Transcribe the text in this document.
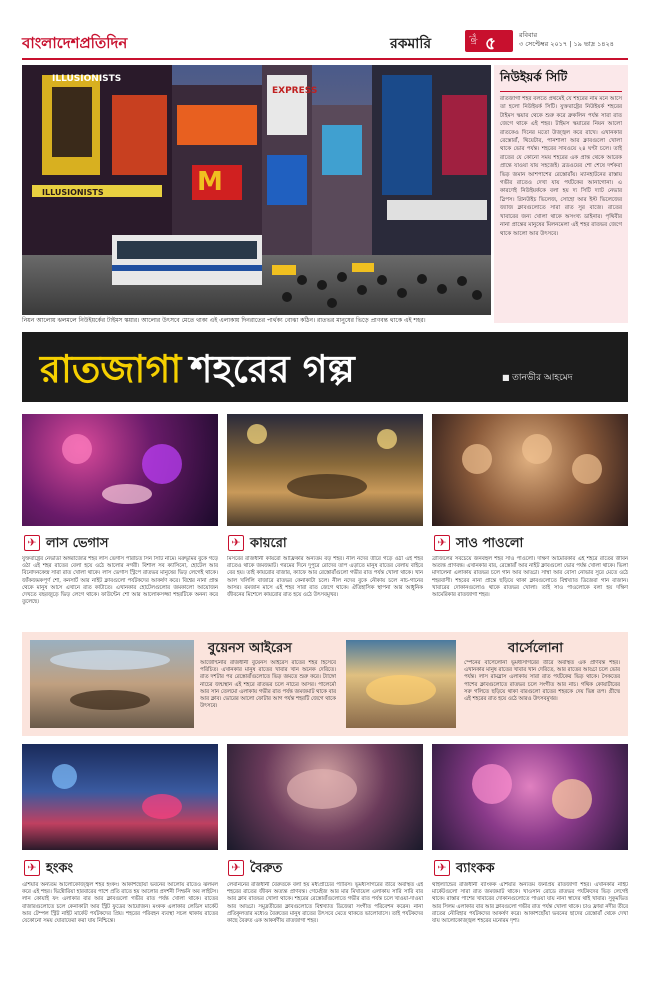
বাংলাদেশপ্রতিদিন	রকমারি	পৃষ্ঠা ৫	রবিবার
৩ সেপ্টেম্বর ২০১৭ | ১৯ ভাদ্র ১৪২৪
M
ILLUSIONISTS
EXPRESS
ILLUSIONISTS
নিয়ন আলোয় ঝলমলে নিউইয়র্কের টাইমস স্কয়ার। আলোর উৎসবে মেতে থাকা এই এলাকায় দিনরাতের পার্থক্য বোঝা কঠিন। রাতভর মানুষের ভিড়ে প্রাণবন্ত থাকে এই শহর।
নিউইয়র্ক সিটি
রাতজাগা শহর বলতে প্রথমেই যে শহরের নাম মনে আসে তা হলো নিউইয়র্ক সিটি। যুক্তরাষ্ট্রের নিউইয়র্ক শহরের টাইমস স্কয়ার থেকে শুরু করে ব্রুকলিন পর্যন্ত সারা রাত জেগে থাকে এই শহর। টাইমস স্কয়ারের নিয়ন আলো রাতকেও দিনের মতো উজ্জ্বল করে রাখে। এখানকার রেস্তোরাঁ, থিয়েটার, পানশালা আর ক্লাবগুলো খোলা থাকে ভোর পর্যন্ত। শহরের সাবওয়ে ২৪ ঘণ্টা চলে। তাই রাতের যে কোনো সময় শহরের এক প্রান্ত থেকে আরেক প্রান্তে যাওয়া যায় সহজেই। ব্রডওয়ের শো শেষে দর্শকরা ভিড় জমান আশপাশের রেস্তোরাঁয়। ম্যানহাটনের রাস্তায় গভীর রাতেও দেখা যায় পর্যটকের আনাগোনা। এ কারণেই নিউইয়র্ককে বলা হয় দ্য সিটি দ্যাট নেভার স্লিপস। গ্রিনউইচ ভিলেজ, সোহো আর ইস্ট ভিলেজের জ্যাজ ক্লাবগুলোতে সারা রাত সুর বাজে। রাতের খাবারের জন্য খোলা থাকে অসংখ্য ডাইনার। পৃথিবীর নানা প্রান্তের মানুষের মিলনমেলা এই শহর রাতভর জেগে থাকে আলো আর উৎসবে।
রাতজাগা শহরের গল্প
■	তানভীর আহমেদ
✈ লাস ভেগাস	✈ কায়রো	✈ সাও পাওলো
যুক্তরাষ্ট্রের নেভাডা অঙ্গরাজ্যের শহর লাস ভেগাস পরিচিত সিন সিটি নামে। মরুভূমির বুকে গড়ে ওঠা এই শহর রাতের বেলা হয়ে ওঠে আলোর নগরী। বিশাল সব ক্যাসিনো, হোটেল আর বিনোদনকেন্দ্র সারা রাত খোলা থাকে। লাস ভেগাস স্ট্রিপে রাতভর মানুষের ভিড় লেগেই থাকে। জাঁকজমকপূর্ণ শো, কনসার্ট আর নাইট ক্লাবগুলো পর্যটকদের আকর্ষণ করে। বিশ্বের নানা প্রান্ত থেকে মানুষ আসে এখানে রাত কাটাতে। এখানকার হোটেলগুলোর জমকালো আয়োজন দেখতে বছরজুড়ে ভিড় লেগে থাকে। ফাউন্টেন শো আর আলোকসজ্জা শহরটিকে অনন্য করে তুলেছে।
মিসরের রাজধানী কায়রো আফ্রিকার অন্যতম বড় শহর। নীল নদের তীরে গড়ে ওঠা এই শহর রাতেও থাকে জমজমাট। গরমের দিনে দুপুরে রোদের তাপ এড়াতে মানুষ রাতের বেলায় বাইরে বের হয়। তাই কায়রোর বাজার, ক্যাফে আর রেস্তোরাঁগুলো গভীর রাত পর্যন্ত খোলা থাকে। খান আল খলিলি বাজারে রাতভর কেনাকাটা চলে। নীল নদের বুকে নৌকায় চলে নাচ-গানের আসর। রমজান মাসে এই শহর সারা রাত জেগে থাকে। ঐতিহাসিক স্থাপনা আর আধুনিক জীবনের মিশেলে কায়রোর রাত হয়ে ওঠে উৎসবমুখর।
ব্রাজিলের সবচেয়ে জনবহুল শহর সাও পাওলো। দক্ষিণ আমেরিকার এই শহরে রাতের জীবন অত্যন্ত প্রাণবন্ত। এখানকার বার, রেস্তোরাঁ আর নাইট ক্লাবগুলো ভোর পর্যন্ত খোলা থাকে। ভিলা মাদালেনা এলাকায় রাতভর চলে গান আর আড্ডা। সাম্বা আর বোসা নোভার সুরে মেতে ওঠে শহরবাসী। শহরের নানা প্রান্তে ছড়িয়ে থাকা ক্লাবগুলোতে বিশ্বখ্যাত ডিজেরা গান বাজান। খাবারের দোকানগুলোও থাকে রাতভর খোলা। তাই সাও পাওলোকে বলা হয় দক্ষিণ আমেরিকার রাতজাগা শহর।
বুয়েনস আইরেস
আর্জেন্টিনার রাজধানী বুয়েনস আইরেস রাতের শহর হিসেবে পরিচিত। এখানকার মানুষ রাতের খাবার খান অনেক দেরিতে। রাত দশটার পর রেস্তোরাঁগুলোতে ভিড় জমতে শুরু করে। ট্যাঙ্গো নাচের জন্মস্থান এই শহরে রাতভর চলে নাচের আসর। পালের্মো আর সান তেলমো এলাকায় গভীর রাত পর্যন্ত জমজমাট থাকে বার আর ক্লাব। ভোরের আলো ফোটার আগ পর্যন্ত শহরটি জেগে থাকে উৎসবে।
বার্সেলোনা
স্পেনের বার্সেলোনা ভূমধ্যসাগরের তীরে অবস্থিত এক প্রাণবন্ত শহর। এখানকার মানুষ রাতের খাবার খান দেরিতে, আর রাতের আড্ডা চলে ভোর পর্যন্ত। লাস রামব্লাস এলাকায় সারা রাত পর্যটকের ভিড় থাকে। সৈকতের পাশের ক্লাবগুলোতে রাতভর চলে সংগীত আর নাচ। গথিক কোয়ার্টারের সরু গলিতে ছড়িয়ে থাকা বারগুলো রাতের শহরকে দেয় ভিন্ন রূপ। গ্রীষ্মে এই শহরের রাত হয়ে ওঠে আরও উৎসবমুখর।
✈ হংকং	✈ বৈরুত	✈ ব্যাংকক
এশিয়ার অন্যতম আলোকোজ্জ্বল শহর হংকং। আকাশছোঁয়া ভবনের আলোয় রাতেও ঝলমল করে এই শহর। ভিক্টোরিয়া হারবারের পাশে প্রতি রাতে হয় আলোর প্রদর্শনী সিম্ফনি অব লাইটস। লান কোয়াই ফং এলাকার বার আর ক্লাবগুলো গভীর রাত পর্যন্ত খোলা থাকে। রাতের বাজারগুলোতে চলে কেনাকাটা আর স্ট্রিট ফুডের আয়োজন। মংকক এলাকার লেডিস মার্কেট আর টেম্পল স্ট্রিট নাইট মার্কেট পর্যটকদের প্রিয়। শহরের পরিবহন ব্যবস্থা সচল থাকায় রাতের যেকোনো সময় ঘোরাফেরা করা যায় নিশ্চিন্তে।
লেবাননের রাজধানী বৈরুতকে বলা হয় মধ্যপ্রাচ্যের প্যারিস। ভূমধ্যসাগরের তীরে অবস্থিত এই শহরের রাতের জীবন অত্যন্ত প্রাণবন্ত। গেমেইজ আর মার মিখায়েল এলাকায় সারি সারি বার আর ক্লাব রাতভর খোলা থাকে। শহরের রেস্তোরাঁগুলোতে গভীর রাত পর্যন্ত চলে খাওয়া-দাওয়া আর আড্ডা। সমুদ্রতীরের ক্লাবগুলোতে বিশ্বখ্যাত ডিজেরা সংগীত পরিবেশন করেন। নানা প্রতিকূলতার মধ্যেও বৈরুতের মানুষ রাতের উৎসবে মেতে থাকতে ভালোবাসে। তাই পর্যটকদের কাছে বৈরুত এক আকর্ষণীয় রাতজাগা শহর।
থাইল্যান্ডের রাজধানী ব্যাংকক এশিয়ার অন্যতম জনপ্রিয় রাতজাগা শহর। এখানকার নাইট মার্কেটগুলো সারা রাত জমজমাট থাকে। খাওসান রোডে রাতভর পর্যটকদের ভিড় লেগেই থাকে। রাস্তার পাশের খাবারের দোকানগুলোতে পাওয়া যায় নানা স্বাদের থাই খাবার। সুকুমভিত আর সিলম এলাকার বার আর ক্লাবগুলো গভীর রাত পর্যন্ত খোলা থাকে। চাও ফ্রায়া নদীর তীরে রাতের নৌবিহার পর্যটকদের আকর্ষণ করে। আকাশছোঁয়া ভবনের ছাদের রেস্তোরাঁ থেকে দেখা যায় আলোকোজ্জ্বল শহরের মনোরম দৃশ্য।
